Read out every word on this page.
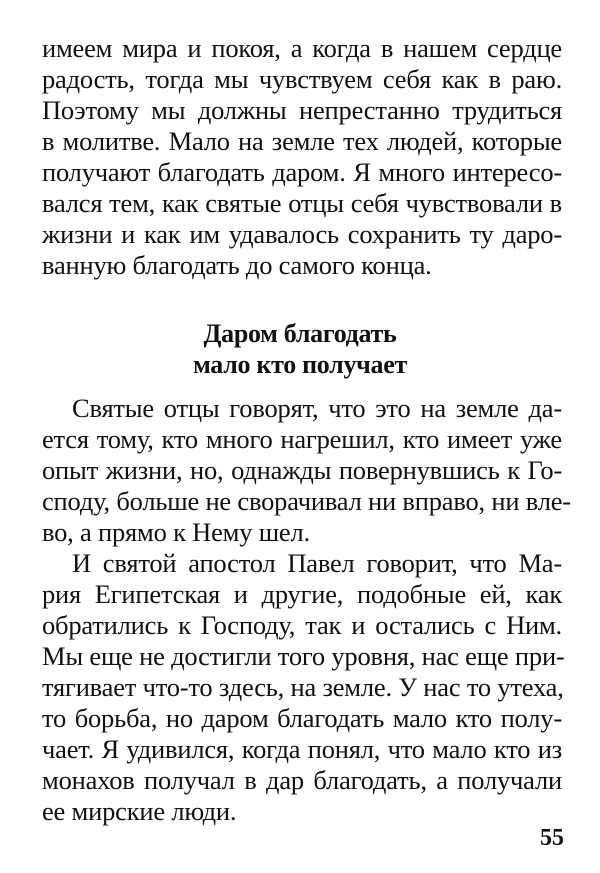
имеем мира и покоя, а когда в нашем сердце
радость, тогда мы чувствуем себя как в раю.
Поэтому мы должны непрестанно трудиться
в молитве. Мало на земле тех людей, которые
получают благодать даром. Я много интересо-
вался тем, как святые отцы себя чувствовали в
жизни и как им удавалось сохранить ту даро-
ванную благодать до самого конца.
Даром благодать
мало кто получает
Святые отцы говорят, что это на земле да-
ется тому, кто много нагрешил, кто имеет уже
опыт жизни, но, однажды повернувшись к Го-
споду, больше не сворачивал ни вправо, ни вле-
во, а прямо к Нему шел.
И святой апостол Павел говорит, что Ма-
рия Египетская и другие, подобные ей, как
обратились к Господу, так и остались с Ним.
Мы еще не достигли того уровня, нас еще при-
тягивает что-то здесь, на земле. У нас то утеха,
то борьба, но даром благодать мало кто полу-
чает. Я удивился, когда понял, что мало кто из
монахов получал в дар благодать, а получали
ее мирские люди.
55
